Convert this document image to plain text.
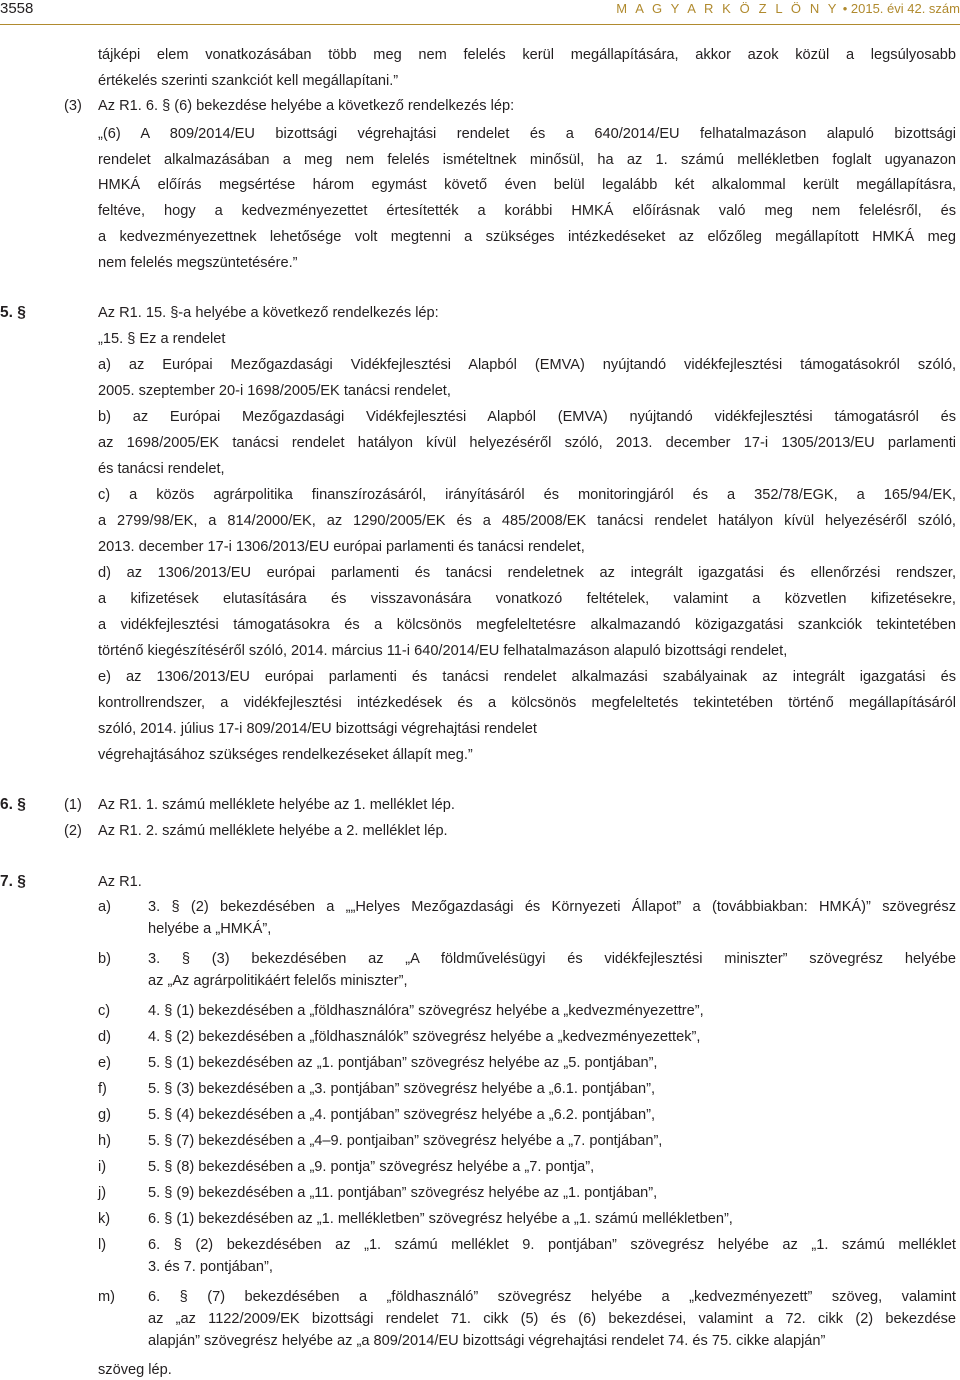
3558	M A G Y A R K Ö Z L Ö N Y • 2015. évi 42. szám
tájképi elem vonatkozásában több meg nem felelés kerül megállapítására, akkor azok közül a legsúlyosabb
értékelés szerinti szankciót kell megállapítani.”
(3) Az R1. 6. § (6) bekezdése helyébe a következő rendelkezés lép:
„(6) A 809/2014/EU bizottsági végrehajtási rendelet és a 640/2014/EU felhatalmazáson alapuló bizottsági
rendelet alkalmazásában a meg nem felelés ismételtnek minősül, ha az 1. számú mellékletben foglalt ugyanazon
HMKÁ előírás megsértése három egymást követő éven belül legalább két alkalommal került megállapításra,
feltéve, hogy a kedvezményezettet értesítették a korábbi HMKÁ előírásnak való meg nem felelésről, és
a kedvezményezettnek lehetősége volt megtenni a szükséges intézkedéseket az előzőleg megállapított HMKÁ meg
nem felelés megszüntetésére.”
5. §	Az R1. 15. §-a helyébe a következő rendelkezés lép:
„15. § Ez a rendelet
a) az Európai Mezőgazdasági Vidékfejlesztési Alapból (EMVA) nyújtandó vidékfejlesztési támogatásokról szóló,
2005. szeptember 20-i 1698/2005/EK tanácsi rendelet,
b) az Európai Mezőgazdasági Vidékfejlesztési Alapból (EMVA) nyújtandó vidékfejlesztési támogatásról és
az 1698/2005/EK tanácsi rendelet hatályon kívül helyezéséről szóló, 2013. december 17-i 1305/2013/EU parlamenti
és tanácsi rendelet,
c) a közös agrárpolitika finanszírozásáról, irányításáról és monitoringjáról és a 352/78/EGK, a 165/94/EK,
a 2799/98/EK, a 814/2000/EK, az 1290/2005/EK és a 485/2008/EK tanácsi rendelet hatályon kívül helyezéséről szóló,
2013. december 17-i 1306/2013/EU európai parlamenti és tanácsi rendelet,
d) az 1306/2013/EU európai parlamenti és tanácsi rendeletnek az integrált igazgatási és ellenőrzési rendszer,
a kifizetések elutasítására és visszavonására vonatkozó feltételek, valamint a közvetlen kifizetésekre,
a vidékfejlesztési támogatásokra és a kölcsönös megfeleltetésre alkalmazandó közigazgatási szankciók tekintetében
történő kiegészítéséről szóló, 2014. március 11-i 640/2014/EU felhatalmazáson alapuló bizottsági rendelet,
e) az 1306/2013/EU európai parlamenti és tanácsi rendelet alkalmazási szabályainak az integrált igazgatási és
kontrollrendszer, a vidékfejlesztési intézkedések és a kölcsönös megfeleltetés tekintetében történő megállapításáról
szóló, 2014. július 17-i 809/2014/EU bizottsági végrehajtási rendelet
végrehajtásához szükséges rendelkezéseket állapít meg.”
6. §	(1) Az R1. 1. számú melléklete helyébe az 1. melléklet lép.
(2) Az R1. 2. számú melléklete helyébe a 2. melléklet lép.
7. §	Az R1.
a)	3. § (2) bekezdésében a „„Helyes Mezőgazdasági és Környezeti Állapot” a (továbbiakban: HMKÁ)” szövegrész
helyébe a „HMKÁ”,
b)	3. § (3) bekezdésében az „A földművelésügyi és vidékfejlesztési miniszter” szövegrész helyébe
az „Az agrárpolitikáért felelős miniszter”,
c)	4. § (1) bekezdésében a „földhasználóra” szövegrész helyébe a „kedvezményezettre”,
d)	4. § (2) bekezdésében a „földhasználók” szövegrész helyébe a „kedvezményezettek”,
e)	5. § (1) bekezdésében az „1. pontjában” szövegrész helyébe az „5. pontjában”,
f)	5. § (3) bekezdésében a „3. pontjában” szövegrész helyébe a „6.1. pontjában”,
g)	5. § (4) bekezdésében a „4. pontjában” szövegrész helyébe a „6.2. pontjában”,
h)	5. § (7) bekezdésében a „4–9. pontjaiban” szövegrész helyébe a „7. pontjában”,
i)	5. § (8) bekezdésében a „9. pontja” szövegrész helyébe a „7. pontja”,
j)	5. § (9) bekezdésében a „11. pontjában” szövegrész helyébe az „1. pontjában”,
k)	6. § (1) bekezdésében az „1. mellékletben” szövegrész helyébe a „1. számú mellékletben”,
l)	6. § (2) bekezdésében az „1. számú melléklet 9. pontjában” szövegrész helyébe az „1. számú melléklet
3. és 7. pontjában”,
m) 6. § (7) bekezdésében a „földhasználó” szövegrész helyébe a „kedvezményezett” szöveg, valamint
az „az 1122/2009/EK bizottsági rendelet 71. cikk (5) és (6) bekezdései, valamint a 72. cikk (2) bekezdése
alapján” szövegrész helyébe az „a 809/2014/EU bizottsági végrehajtási rendelet 74. és 75. cikke alapján”
szöveg lép.
